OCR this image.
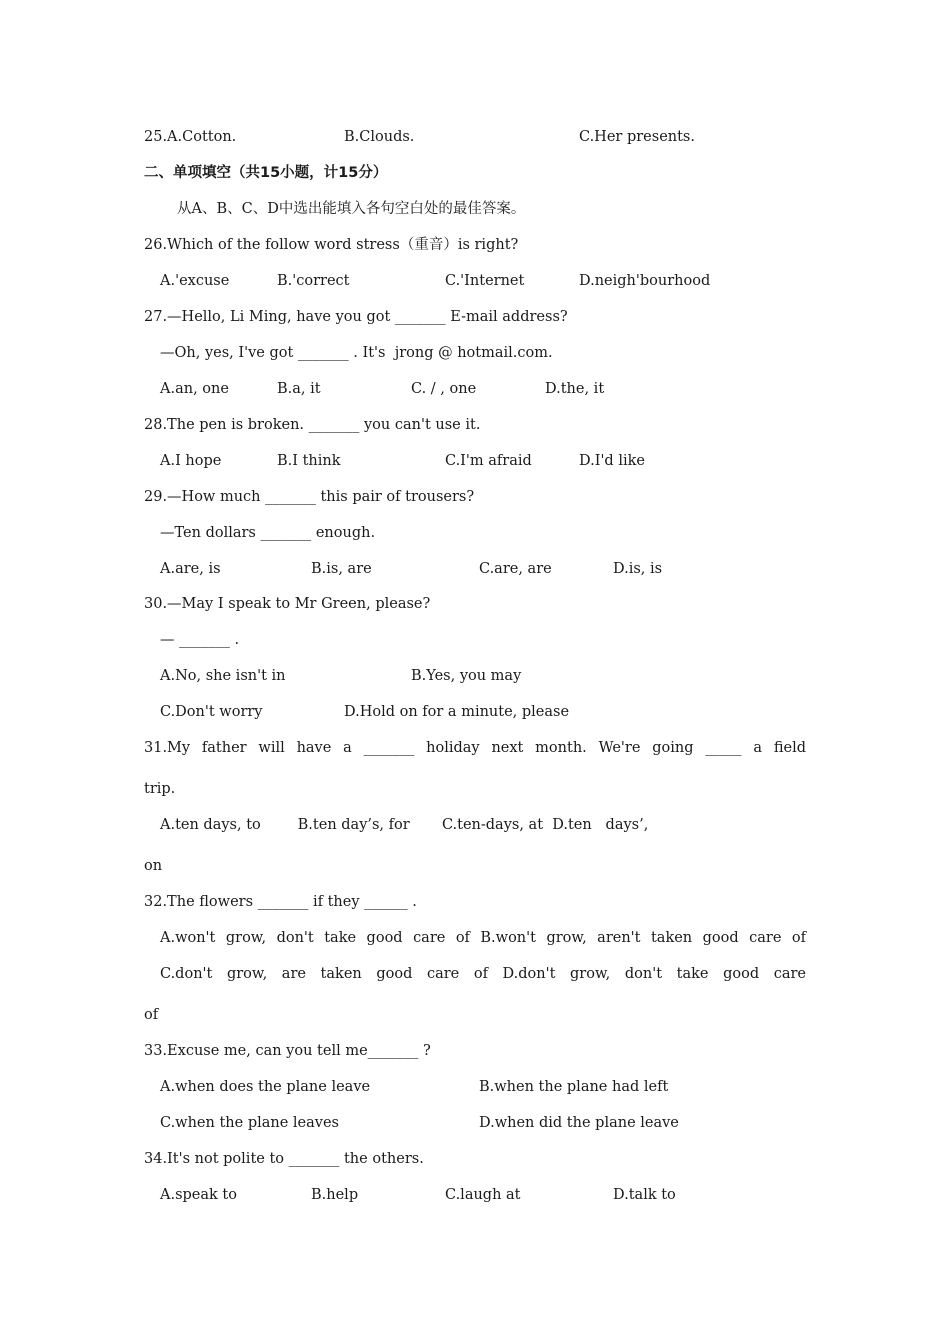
25.A.Cotton.	B.Clouds.	C.Her presents.
二、单项填空（共15小题，计15分）
从A、B、C、D中选出能填入各句空白处的最佳答案。
26.Which of the follow word stress（重音）is right?
A.'excuse	B.'correct	C.'Internet	D.neigh'bourhood
27.—Hello, Li Ming, have you got _______ E-mail address?
—Oh, yes, I've got _______ . It's  jrong @ hotmail.com.
A.an, one	B.a, it	C. / , one	D.the, it
28.The pen is broken. _______ you can't use it.
A.I hope	B.I think	C.I'm afraid	D.I'd like
29.—How much _______ this pair of trousers?
—Ten dollars _______ enough.
A.are, is	B.is, are	C.are, are	D.is, is
30.—May I speak to Mr Green, please?
— _______ .
A.No, she isn't in	B.Yes, you may
C.Don't worry	D.Hold on for a minute, please
31.My father will have a _______ holiday next month. We're going _____ a field
trip.
A.ten days, to        B.ten day’s, for       C.ten-days, at  D.ten   days’,
on
32.The flowers _______ if they ______ .
A.won't grow, don't take good care of B.won't grow, aren't taken good care of
C.don't grow, are taken good care of D.don't grow, don't take good care
of
33.Excuse me, can you tell me_______ ?
A.when does the plane leave	B.when the plane had left
C.when the plane leaves	D.when did the plane leave
34.It's not polite to _______ the others.
A.speak to	B.help	C.laugh at	D.talk to
